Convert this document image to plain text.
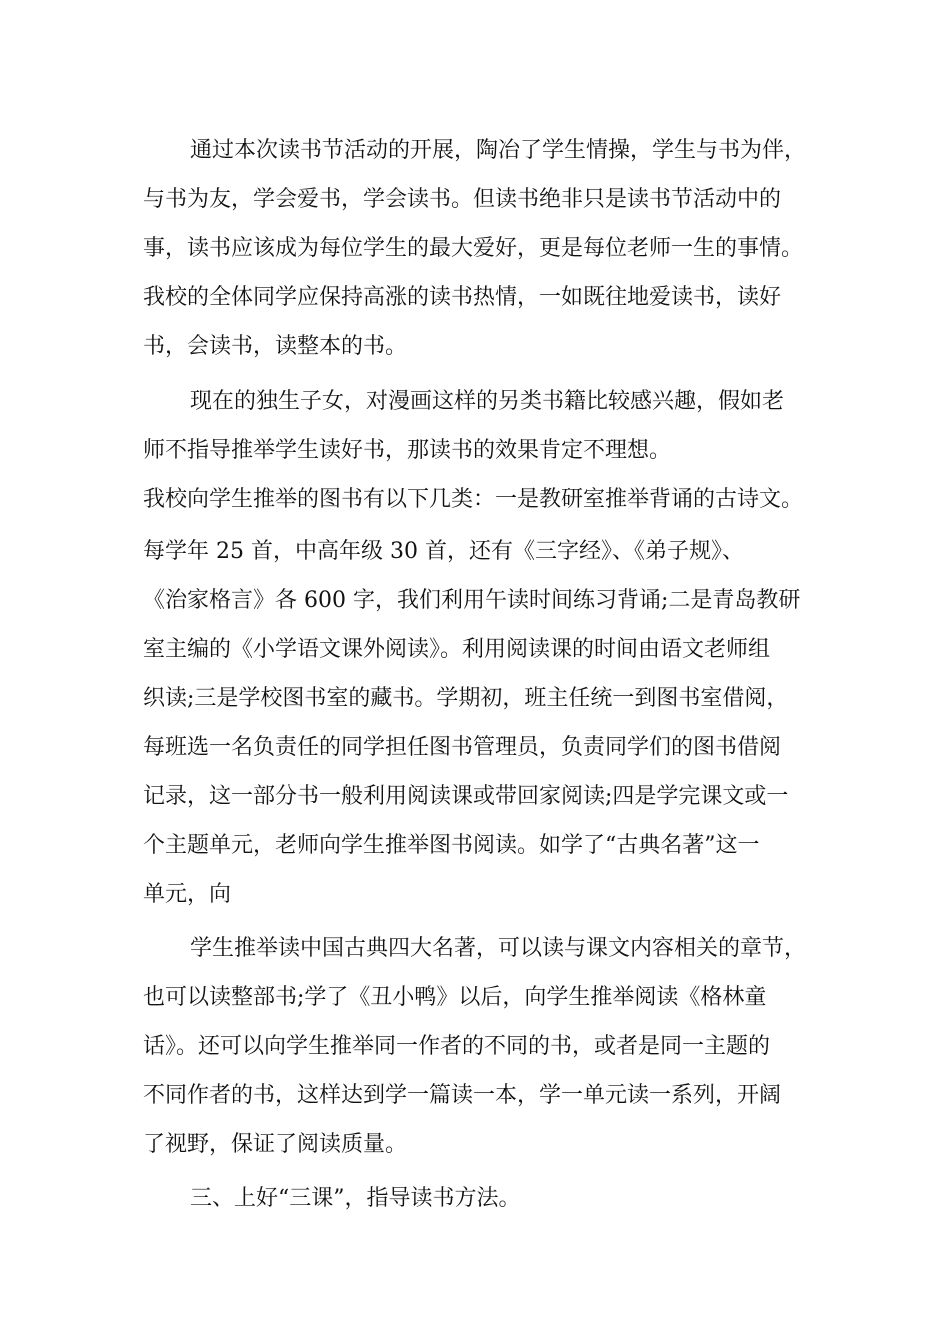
通过本次读书节活动的开展，陶冶了学生情操，学生与书为伴，

与书为友，学会爱书，学会读书。但读书绝非只是读书节活动中的

事，读书应该成为每位学生的最大爱好，更是每位老师一生的事情。

我校的全体同学应保持高涨的读书热情，一如既往地爱读书，读好

书，会读书，读整本的书。

现在的独生子女，对漫画这样的另类书籍比较感兴趣，假如老

师不指导推举学生读好书，那读书的效果肯定不理想。

我校向学生推举的图书有以下几类：一是教研室推举背诵的古诗文。

每学年 25 首，中高年级 30 首，还有《三字经》、《弟子规》、

《治家格言》各 600 字，我们利用午读时间练习背诵;二是青岛教研

室主编的《小学语文课外阅读》。利用阅读课的时间由语文老师组

织读;三是学校图书室的藏书。学期初，班主任统一到图书室借阅，

每班选一名负责任的同学担任图书管理员，负责同学们的图书借阅

记录，这一部分书一般利用阅读课或带回家阅读;四是学完课文或一

个主题单元，老师向学生推举图书阅读。如学了“古典名著”这一

单元，向

学生推举读中国古典四大名著，可以读与课文内容相关的章节，

也可以读整部书;学了《丑小鸭》以后，向学生推举阅读《格林童

话》。还可以向学生推举同一作者的不同的书，或者是同一主题的

不同作者的书，这样达到学一篇读一本，学一单元读一系列，开阔

了视野，保证了阅读质量。

三、上好“三课”，指导读书方法。
